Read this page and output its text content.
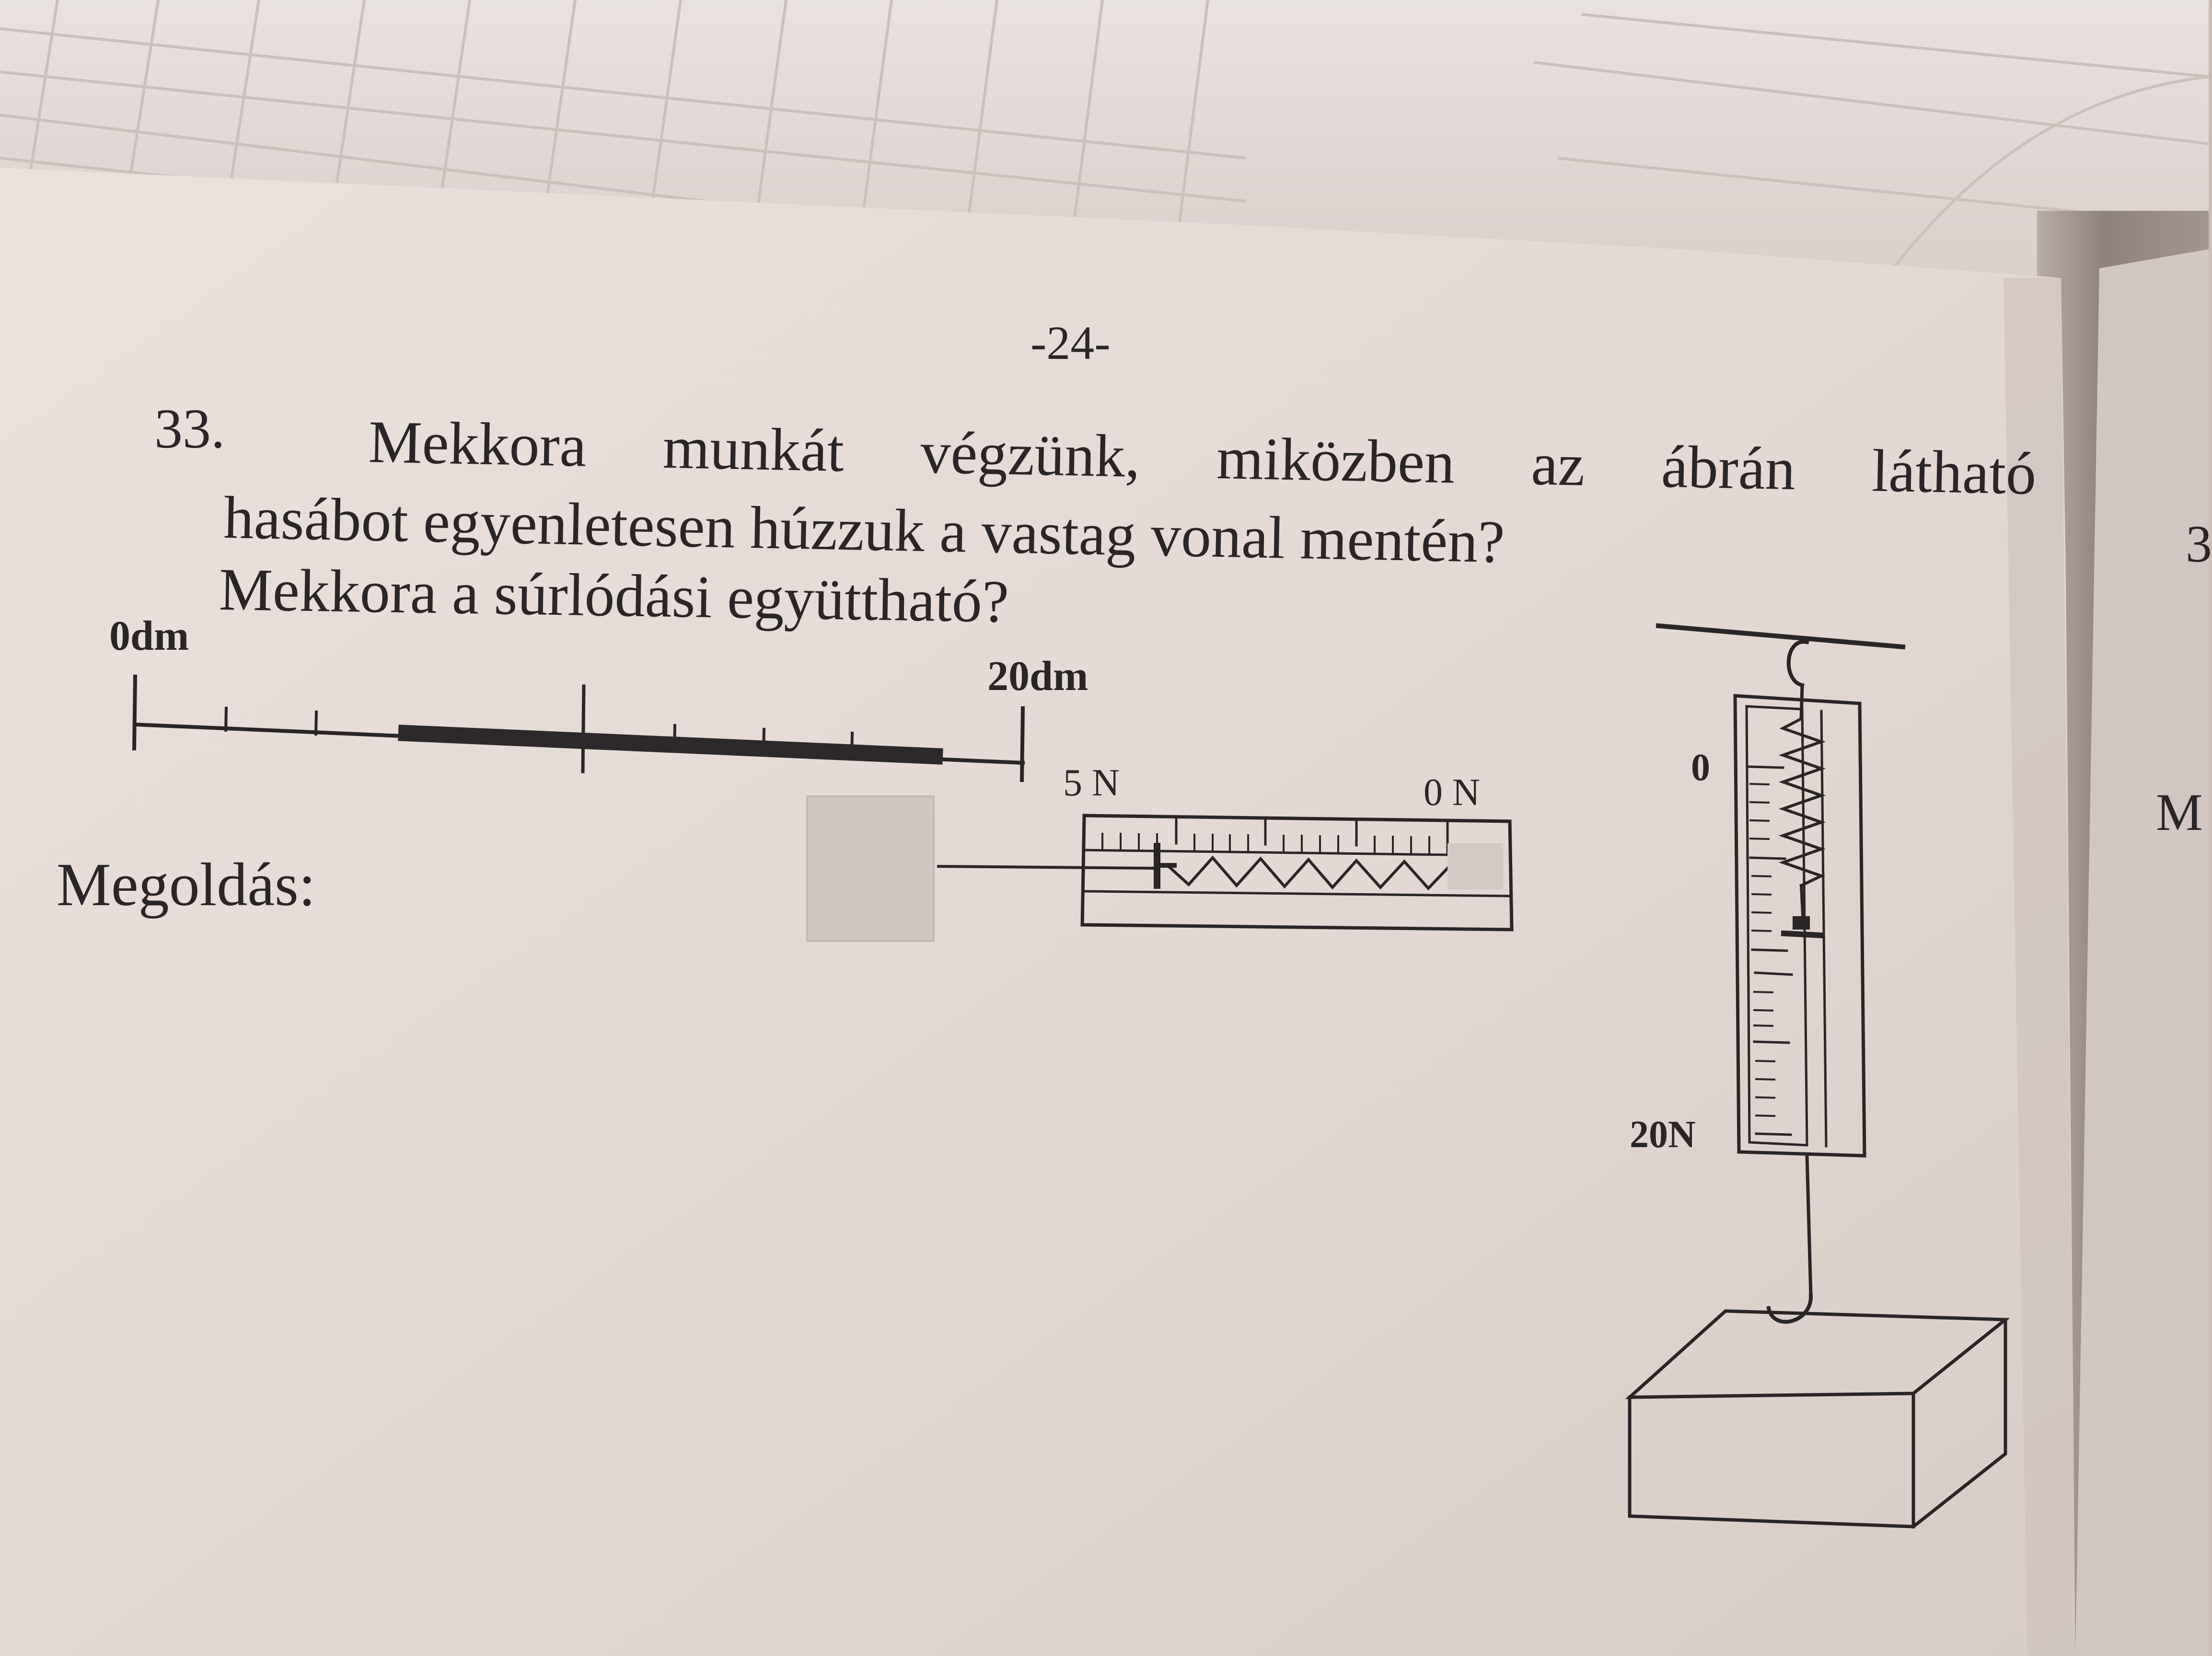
-24-
33. Mekkora munkát végzünk, miközben az ábrán látható
hasábot egyenletesen húzzuk a vastag vonal mentén?
Mekkora a súrlódási együttható?
0dm
20dm
5 N	0 N
0
20N
Megoldás:
3
M
